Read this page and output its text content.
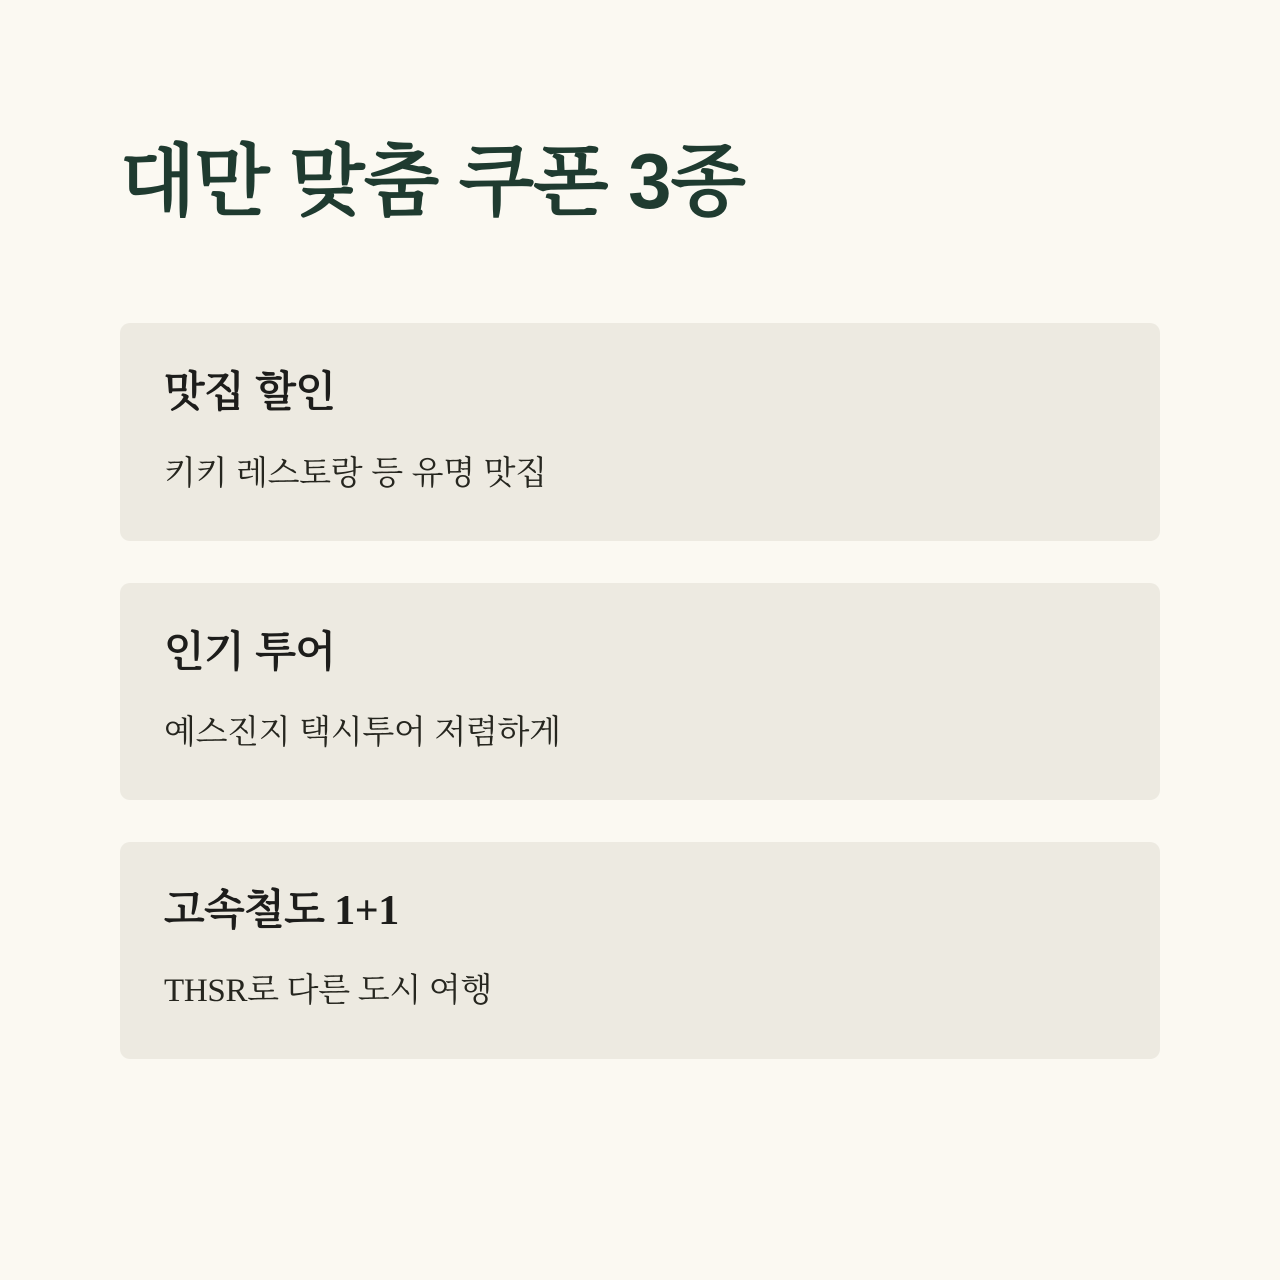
대만 맞춤 쿠폰 3종
맛집 할인
키키 레스토랑 등 유명 맛집
인기 투어
예스진지 택시투어 저렴하게
고속철도 1+1
THSR로 다른 도시 여행
